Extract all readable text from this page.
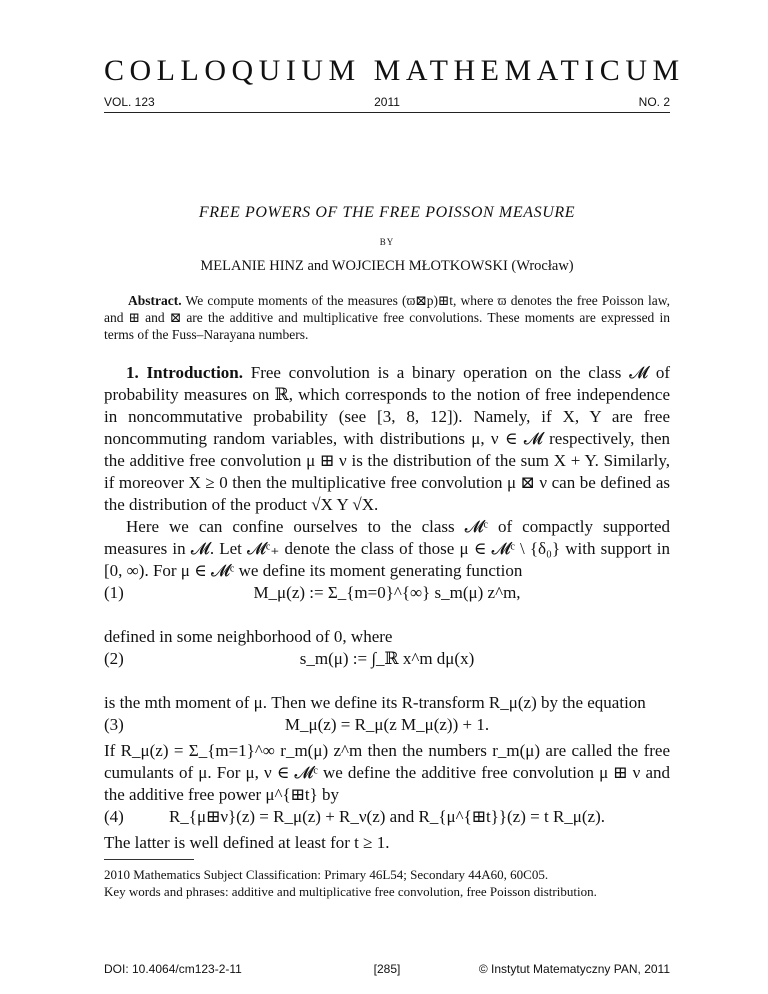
COLLOQUIUM MATHEMATICUM
VOL. 123	2011	NO. 2
FREE POWERS OF THE FREE POISSON MEASURE
BY
MELANIE HINZ and WOJCIECH MŁOTKOWSKI (Wrocław)
Abstract. We compute moments of the measures (ϖ⊠p)⊞t, where ϖ denotes the free Poisson law, and ⊞ and ⊠ are the additive and multiplicative free convolutions. These moments are expressed in terms of the Fuss–Narayana numbers.

1. Introduction. Free convolution is a binary operation on the class 𝓜 of probability measures on ℝ, which corresponds to the notion of free independence in noncommutative probability (see [3, 8, 12]). Namely, if X, Y are free noncommuting random variables, with distributions μ, ν ∈ 𝓜 respectively, then the additive free convolution μ ⊞ ν is the distribution of the sum X + Y. Similarly, if moreover X ≥ 0 then the multiplicative free convolution μ ⊠ ν can be defined as the distribution of the product √X Y √X.

Here we can confine ourselves to the class 𝓜ᶜ of compactly supported measures in 𝓜. Let 𝓜ᶜ₊ denote the class of those μ ∈ 𝓜ᶜ \ {δ₀} with support in [0, ∞). For μ ∈ 𝓜ᶜ we define its moment generating function

(1)	M_μ(z) := Σ_{m=0}^{∞} s_m(μ) z^m,

defined in some neighborhood of 0, where

(2)	s_m(μ) := ∫_ℝ x^m dμ(x)

is the mth moment of μ. Then we define its R-transform R_μ(z) by the equation

(3)	M_μ(z) = R_μ(z M_μ(z)) + 1.

If R_μ(z) = Σ_{m=1}^∞ r_m(μ) z^m then the numbers r_m(μ) are called the free cumulants of μ. For μ, ν ∈ 𝓜ᶜ we define the additive free convolution μ ⊞ ν and the additive free power μ^{⊞t} by

(4)	R_{μ⊞ν}(z) = R_μ(z) + R_ν(z) and R_{μ^{⊞t}}(z) = t R_μ(z).

The latter is well defined at least for t ≥ 1.

2010 Mathematics Subject Classification: Primary 46L54; Secondary 44A60, 60C05.
Key words and phrases: additive and multiplicative free convolution, free Poisson distribution.
DOI: 10.4064/cm123-2-11	[285]	© Instytut Matematyczny PAN, 2011
